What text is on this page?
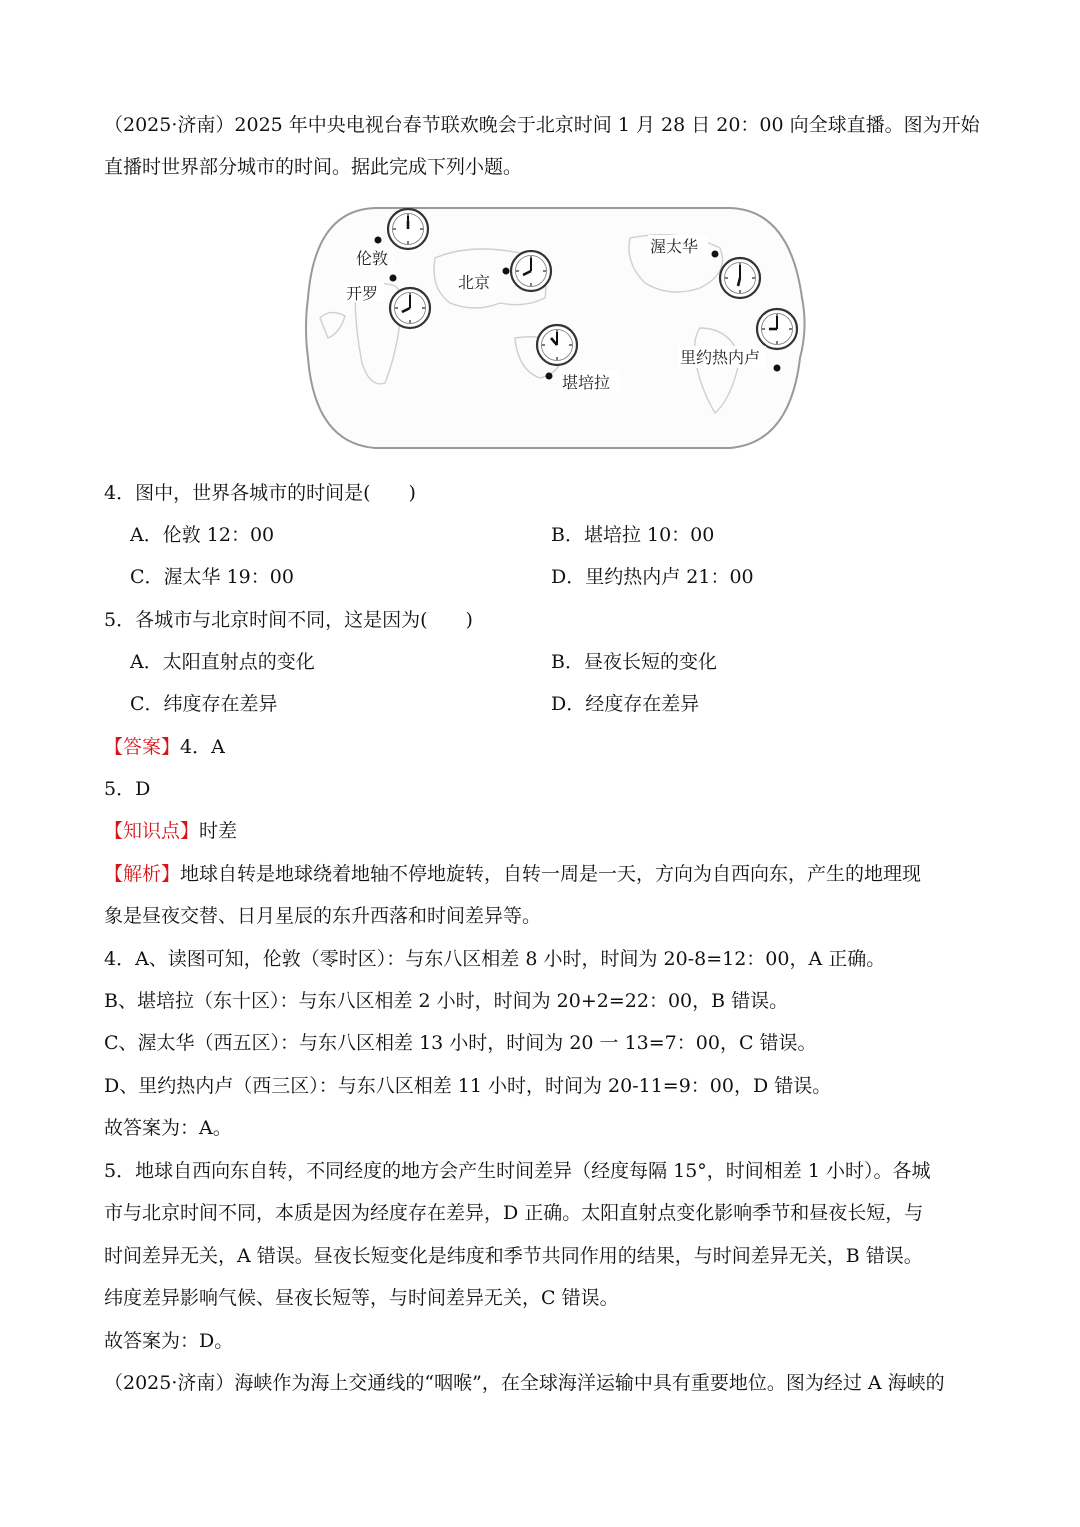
（2025·济南）2025 年中央电视台春节联欢晚会于北京时间 1 月 28 日 20：00 向全球直播。图为开始
直播时世界部分城市的时间。据此完成下列小题。
伦敦
开罗
北京
堪培拉
渥太华
里约热内卢
4．图中，世界各城市的时间是(　　)
A．伦敦 12：00	B．堪培拉 10：00
C．渥太华 19：00	D．里约热内卢 21：00
5．各城市与北京时间不同，这是因为(　　)
A．太阳直射点的变化	B．昼夜长短的变化
C．纬度存在差异	D．经度存在差异
【答案】4．A
5．D
【知识点】时差
【解析】地球自转是地球绕着地轴不停地旋转，自转一周是一天，方向为自西向东，产生的地理现
象是昼夜交替、日月星辰的东升西落和时间差异等。
4．A、读图可知，伦敦（零时区）：与东八区相差 8 小时，时间为 20-8=12：00，A 正确。
B、堪培拉（东十区）：与东八区相差 2 小时，时间为 20+2=22：00，B 错误。
C、渥太华（西五区）：与东八区相差 13 小时，时间为 20 一 13=7：00，C 错误。
D、里约热内卢（西三区）：与东八区相差 11 小时，时间为 20-11=9：00，D 错误。
故答案为：A。
5．地球自西向东自转，不同经度的地方会产生时间差异（经度每隔 15°，时间相差 1 小时）。各城
市与北京时间不同，本质是因为经度存在差异，D 正确。太阳直射点变化影响季节和昼夜长短，与
时间差异无关，A 错误。昼夜长短变化是纬度和季节共同作用的结果，与时间差异无关，B 错误。
纬度差异影响气候、昼夜长短等，与时间差异无关，C 错误。
故答案为：D。
（2025·济南）海峡作为海上交通线的“咽喉”，在全球海洋运输中具有重要地位。图为经过 A 海峡的
